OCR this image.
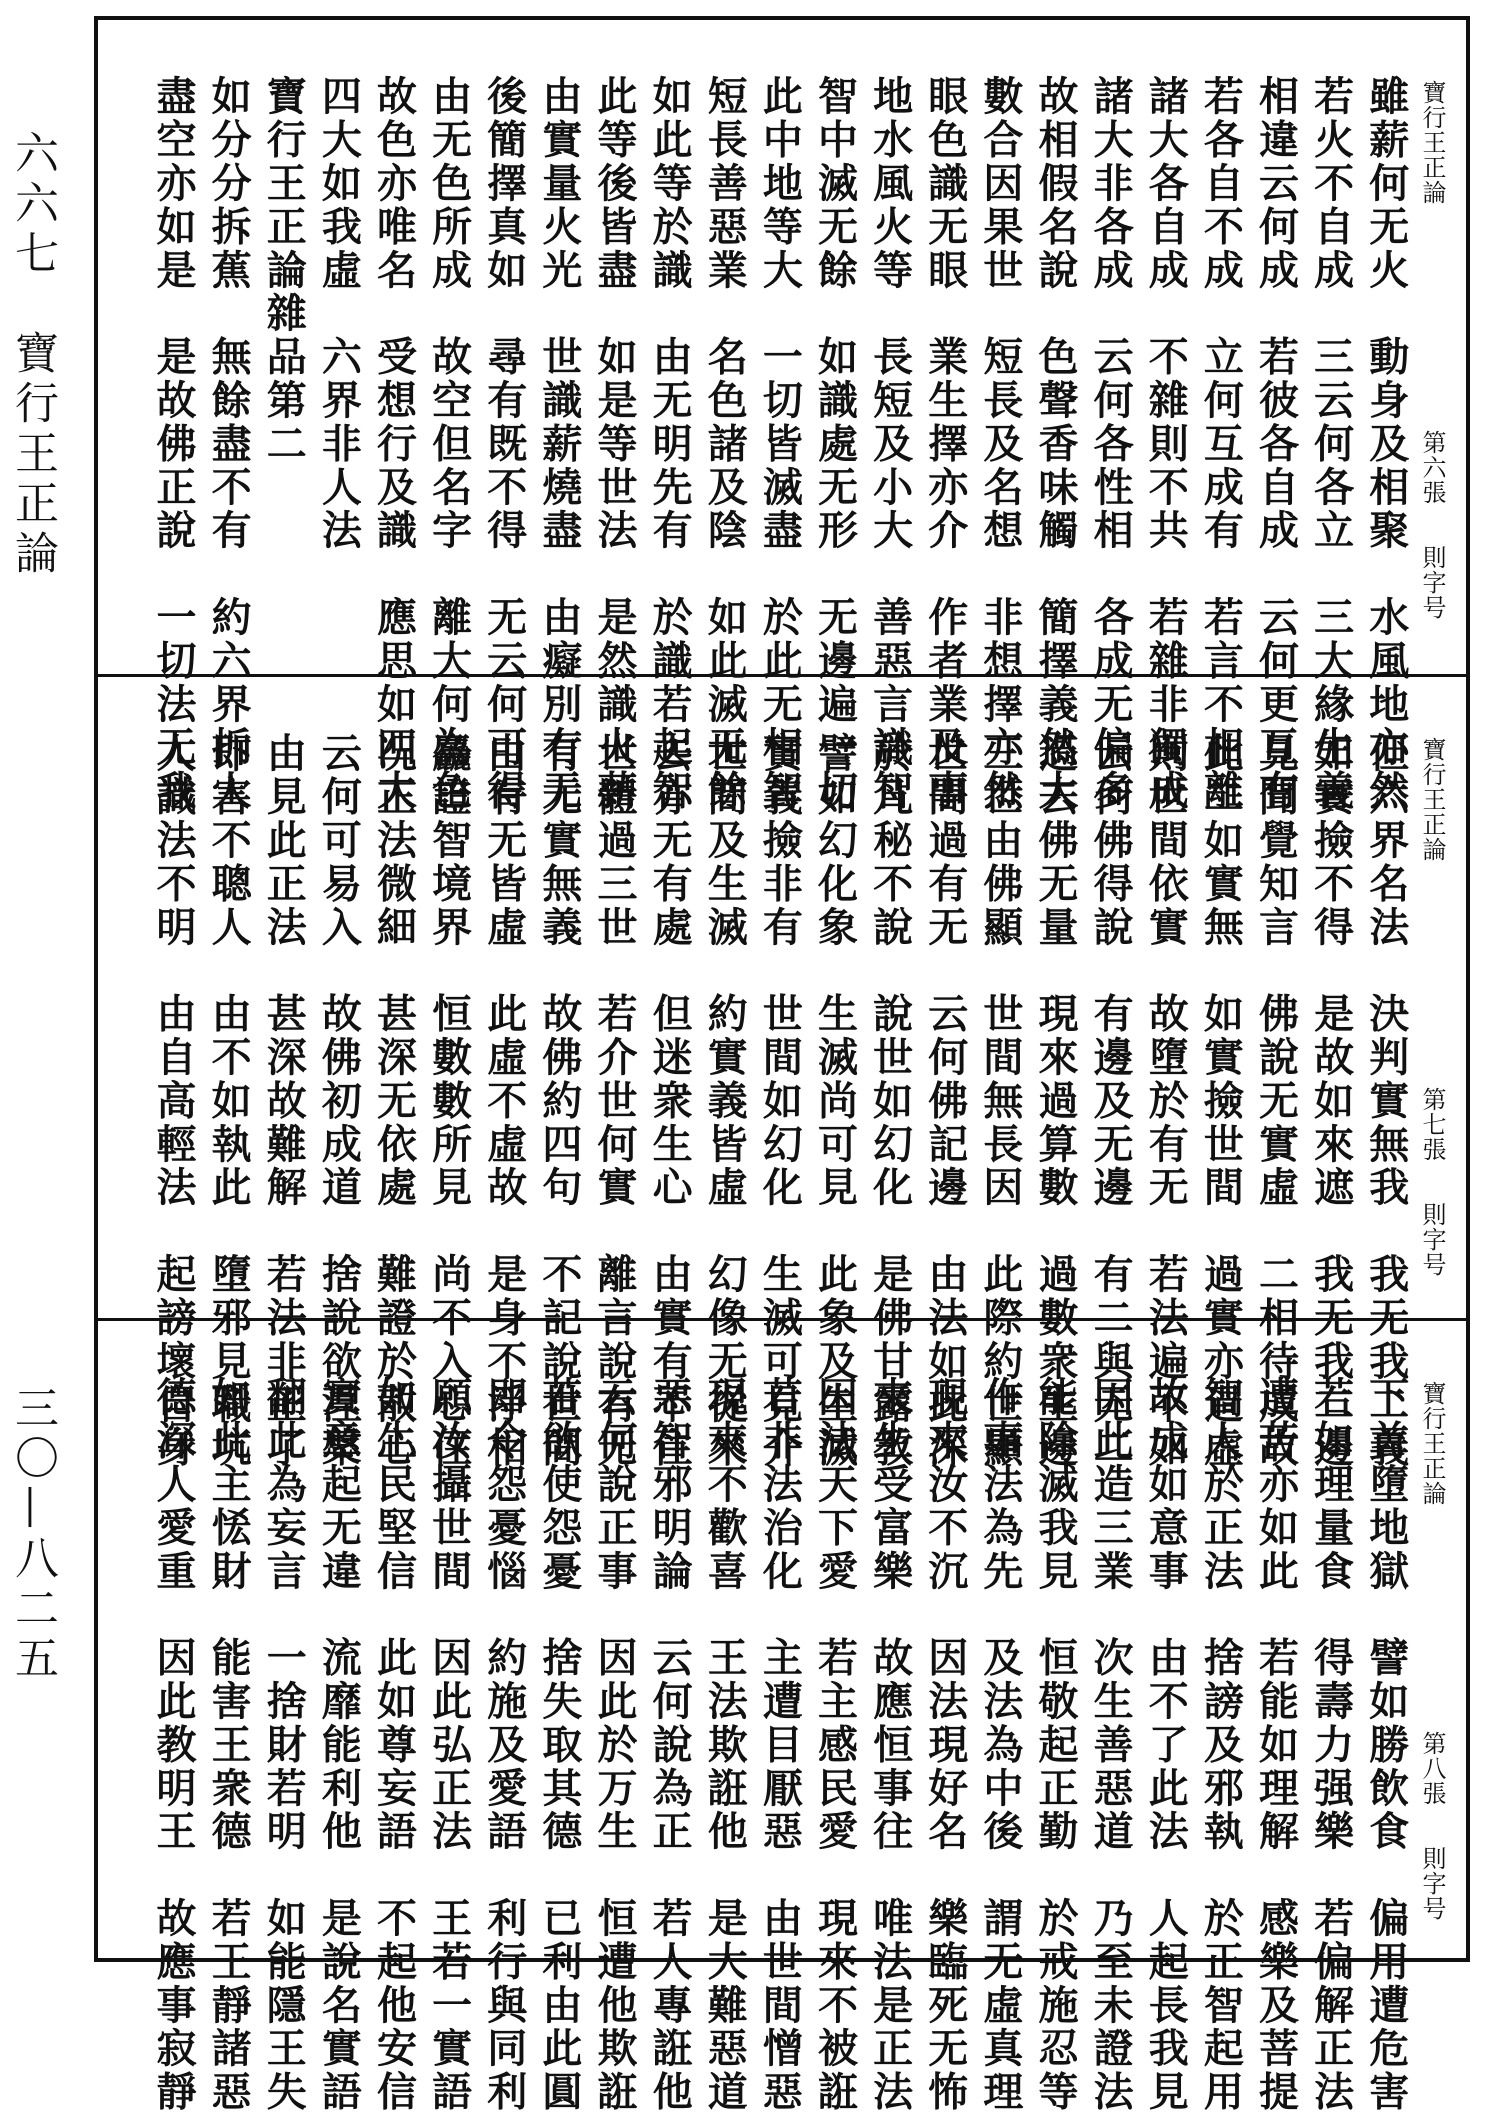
六六七　寶行王正論
三〇—八二五
寶行王正論
第六張
則字号
雖薪何无火　動身及相聚　水風地亦然
若火不自成　三云何各立　三大緣生義
相違云何成　若彼各自成　云何更互有
若各自不成　立何互成有　若言不相離
諸大各自成　不雜則不共　若雜非獨成
諸大非各成　云何各性相　各成无偏多
故相假名說　色聲香味觸　簡擇義然大
數合因果世　短長及名想　非想擇亦然
眼色識无眼　業生擇亦介　作者業及事
地水風火等　長短及小大　善惡言識智
智中滅无餘　如識處无形　无邊遍一切
此中地等大　一切皆滅盡　於此无相智
短長善惡業　名色諸及陰　如此滅无餘
如此等於識　由无明先有　於識若起智
此等後皆盡　如是等世法　是然識火薪
由實量火光　世識薪燒盡　由癡別有无
後簡擇真如　尋有既不得　无云何可得
由无色所成　故空但名字　離大何為色
故色亦唯名　受想行及識　應思如四大
四大如我虛　六界非人法
寶行王正論雜品第二
如分分拆蕉　無餘盡不有　約六界拆人
盡空亦如是　是故佛正說　一切法无我	寶行王正論
第七張
則字号
但六界名法　決判實無我　我无我二義
如實撿不得　是故如來遮　我无我二邊
見聞覺知言　佛說无實虛　二相待成故
此二如實無　如實撿世間　過實亦過虛
則世間依實　故墮於有无　若法遍不如
云何佛得說　有邊及无邊　有二與无二
過去佛无量　現來過算數　過數衆生邊
三世由佛顯　世間無長因　此際約世顯
世間過有无　云何佛記邊　由法如此深
於凡秘不說　說世如幻化　是佛甘露教
譬如幻化象　生滅尚可見　此象及生滅
實義撿非有　世間如幻化　生滅可見介
世間及生滅　約實義皆虛　幻像无從來
去亦无有處　但迷衆生心　由實有不住
世體過三世　若介世何實　離言說有无
有无實無義　故佛約四句　不記說世間
由有无皆虛　此虛不虛故　是身不淨相
麤證智境界　恒數數所見　尚不入心住
况正法微細　甚深无依處　難證於散心
云何可易入　故佛初成道　捨說欲涅槃
由見此正法　甚深故難解　若法非正了
即害不聰人　由不如執此　墮邪見職坑
人識法不明　由自高輕法　起謗壞自身	寶行王正論
第八張
則字号
下首墮地獄　譬如勝飲食　偏用遭危害
若如理量食　得壽力强樂　若偏解正法
遭苦亦如此　若能如理解　感樂及菩提
智人於正法　捨謗及邪執　於正智起用
故成如意事　由不了此法　人起長我見
因此造三業　次生善惡道　乃至未證法
能除滅我見　恒敬起正勤　於戒施忍等
作事法為先　及法為中後　謂无虛真理
現來汝不沉　因法現好名　樂臨死无怖
來生受富樂　故應恒事往　唯法是正法
因法天下愛　若主感民愛　現來不被誑
若非法治化　主遭目厭惡　由世間憎惡
現來不歡喜　王法欺誑他　是大難惡道
惡智邪明論　云何說為正　若人專誑他
云何說正事　因此於万生　恒遭他欺誑
若欲使怨憂　捨失取其德　已利由此圓
即令怨憂惱　約施及愛語　利行與同利
願汝攝世間　因此弘正法　王若一實語
如生民堅信　此如尊妄語　不起他安信
實意起无違　流靡能利他　是說名實語
翻此為妄言　一捨財若明　如能隱王失
如此主恡財　能害王衆德　若王靜諸惡
德深人愛重　因此教明王　故應事寂靜
